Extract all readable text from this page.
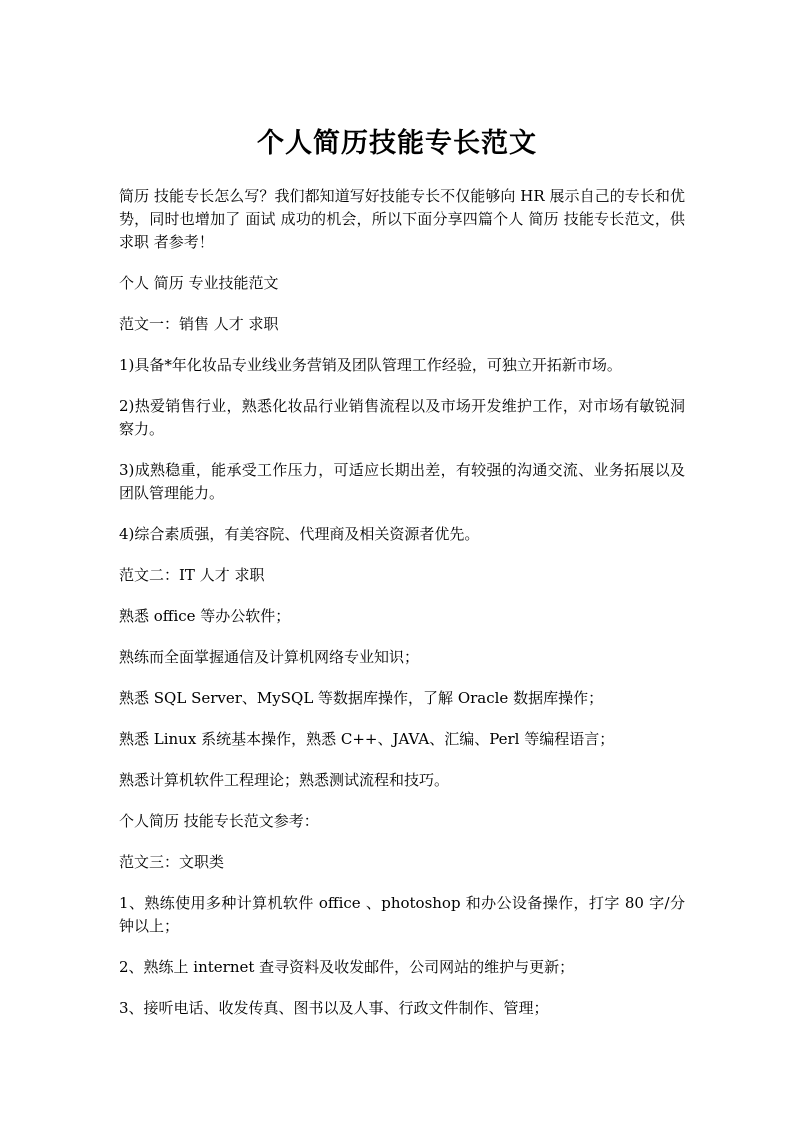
个人简历技能专长范文

简历 技能专长怎么写？我们都知道写好技能专长不仅能够向 HR 展示自己的专长和优势，同时也增加了 面试 成功的机会，所以下面分享四篇个人 简历 技能专长范文，供 求职 者参考！

个人 简历 专业技能范文

范文一：销售 人才 求职

1)具备*年化妆品专业线业务营销及团队管理工作经验，可独立开拓新市场。

2)热爱销售行业，熟悉化妆品行业销售流程以及市场开发维护工作，对市场有敏锐洞察力。

3)成熟稳重，能承受工作压力，可适应长期出差，有较强的沟通交流、业务拓展以及团队管理能力。

4)综合素质强，有美容院、代理商及相关资源者优先。

范文二：IT 人才 求职

熟悉 office 等办公软件；

熟练而全面掌握通信及计算机网络专业知识；

熟悉 SQL Server、MySQL 等数据库操作，了解 Oracle 数据库操作；

熟悉 Linux 系统基本操作，熟悉 C++、JAVA、汇编、Perl 等编程语言；

熟悉计算机软件工程理论；熟悉测试流程和技巧。

个人简历 技能专长范文参考：

范文三：文职类

1、熟练使用多种计算机软件 office 、photoshop 和办公设备操作，打字 80 字/分钟以上；

2、熟练上 internet 查寻资料及收发邮件，公司网站的维护与更新；

3、接听电话、收发传真、图书以及人事、行政文件制作、管理；
